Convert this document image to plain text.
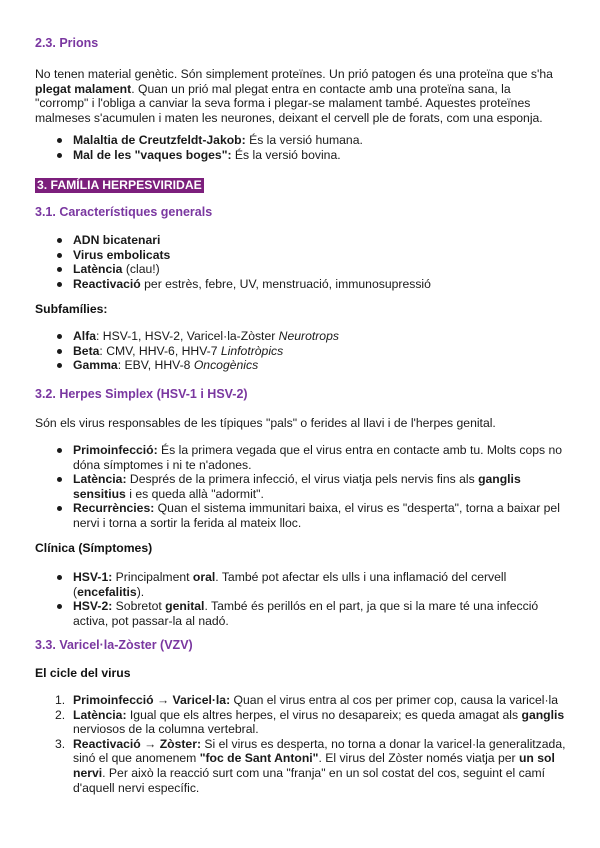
2.3. Prions
No tenen material genètic. Són simplement proteïnes. Un prió patogen és una proteïna que s'ha
plegat malament. Quan un prió mal plegat entra en contacte amb una proteïna sana, la
"corromp" i l'obliga a canviar la seva forma i plegar-se malament també. Aquestes proteïnes
malmeses s'acumulen i maten les neurones, deixant el cervell ple de forats, com una esponja.
Malaltia de Creutzfeldt-Jakob: És la versió humana.
Mal de les "vaques boges": És la versió bovina.
3. FAMÍLIA HERPESVIRIDAE
3.1. Característiques generals
ADN bicatenari
Virus embolicats
Latència (clau!)
Reactivació per estrès, febre, UV, menstruació, immunosupressió
Subfamílies:
Alfa: HSV-1, HSV-2, Varicel·la-Zòster Neurotrops
Beta: CMV, HHV-6, HHV-7 Linfotròpics
Gamma: EBV, HHV-8 Oncogènics
3.2. Herpes Simplex (HSV-1 i HSV-2)
Són els virus responsables de les típiques "pals" o ferides al llavi i de l'herpes genital.
Primoinfecció: És la primera vegada que el virus entra en contacte amb tu. Molts cops no
dóna símptomes i ni te n'adones.
Latència: Després de la primera infecció, el virus viatja pels nervis fins als ganglis
sensitius i es queda allà "adormit".
Recurrències: Quan el sistema immunitari baixa, el virus es "desperta", torna a baixar pel
nervi i torna a sortir la ferida al mateix lloc.
Clínica (Símptomes)
HSV-1: Principalment oral. També pot afectar els ulls i una inflamació del cervell
(encefalitis).
HSV-2: Sobretot genital. També és perillós en el part, ja que si la mare té una infecció
activa, pot passar-la al nadó.
3.3. Varicel·la-Zòster (VZV)
El cicle del virus
1. Primoinfecció → Varicel·la: Quan el virus entra al cos per primer cop, causa la varicel·la
2. Latència: Igual que els altres herpes, el virus no desapareix; es queda amagat als ganglis
nerviosos de la columna vertebral.
3. Reactivació → Zòster: Si el virus es desperta, no torna a donar la varicel·la generalitzada,
sinó el que anomenem "foc de Sant Antoni". El virus del Zòster només viatja per un sol
nervi. Per això la reacció surt com una "franja" en un sol costat del cos, seguint el camí
d'aquell nervi específic.
